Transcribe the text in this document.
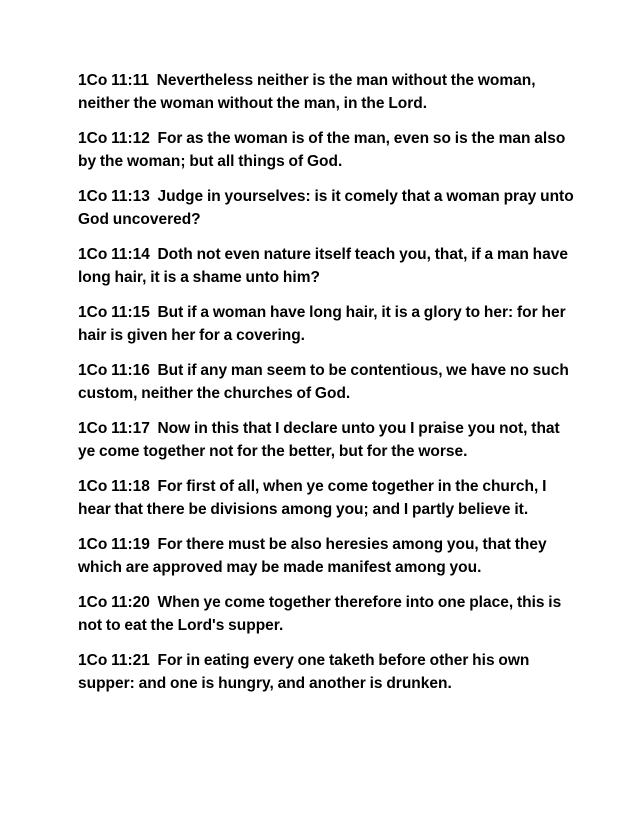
1Co 11:11  Nevertheless neither is the man without the woman, neither the woman without the man, in the Lord.

1Co 11:12  For as the woman is of the man, even so is the man also by the woman; but all things of God.

1Co 11:13  Judge in yourselves: is it comely that a woman pray unto God uncovered?

1Co 11:14  Doth not even nature itself teach you, that, if a man have long hair, it is a shame unto him?

1Co 11:15  But if a woman have long hair, it is a glory to her: for her hair is given her for a covering.

1Co 11:16  But if any man seem to be contentious, we have no such custom, neither the churches of God.

1Co 11:17  Now in this that I declare unto you I praise you not, that ye come together not for the better, but for the worse.

1Co 11:18  For first of all, when ye come together in the church, I hear that there be divisions among you; and I partly believe it.

1Co 11:19  For there must be also heresies among you, that they which are approved may be made manifest among you.

1Co 11:20  When ye come together therefore into one place, this is not to eat the Lord's supper.

1Co 11:21  For in eating every one taketh before other his own supper: and one is hungry, and another is drunken.
